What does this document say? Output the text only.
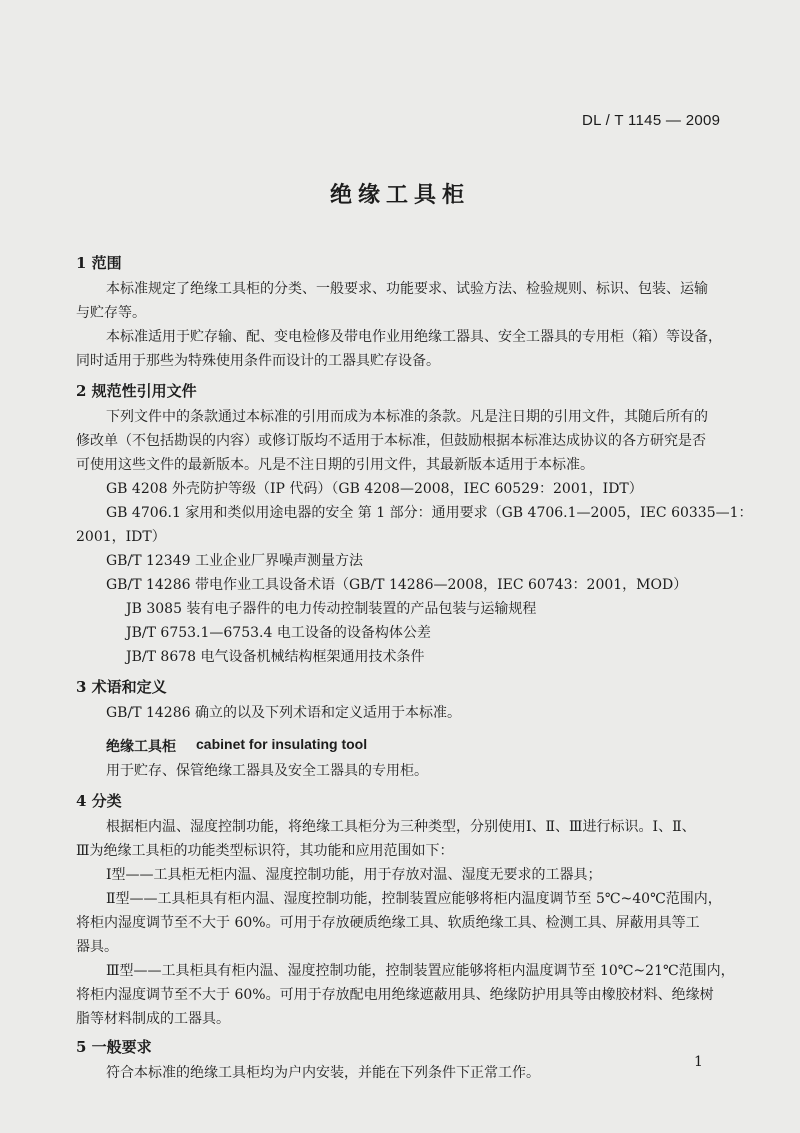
DL / T 1145 — 2009
绝缘工具柜
1 范围
本标准规定了绝缘工具柜的分类、一般要求、功能要求、试验方法、检验规则、标识、包装、运输
与贮存等。
本标准适用于贮存输、配、变电检修及带电作业用绝缘工器具、安全工器具的专用柜（箱）等设备，
同时适用于那些为特殊使用条件而设计的工器具贮存设备。
2 规范性引用文件
下列文件中的条款通过本标准的引用而成为本标准的条款。凡是注日期的引用文件，其随后所有的
修改单（不包括勘误的内容）或修订版均不适用于本标准，但鼓励根据本标准达成协议的各方研究是否
可使用这些文件的最新版本。凡是不注日期的引用文件，其最新版本适用于本标准。
GB 4208 外壳防护等级（IP 代码）（GB 4208—2008，IEC 60529：2001，IDT）
GB 4706.1 家用和类似用途电器的安全 第 1 部分：通用要求（GB 4706.1—2005，IEC 60335—1：
2001，IDT）
GB/T 12349 工业企业厂界噪声测量方法
GB/T 14286 带电作业工具设备术语（GB/T 14286—2008，IEC 60743：2001，MOD）
JB 3085 装有电子器件的电力传动控制装置的产品包装与运输规程
JB/T 6753.1—6753.4 电工设备的设备构体公差
JB/T 8678 电气设备机械结构框架通用技术条件
3 术语和定义
GB/T 14286 确立的以及下列术语和定义适用于本标准。
绝缘工具柜 cabinet for insulating tool
用于贮存、保管绝缘工器具及安全工器具的专用柜。
4 分类
根据柜内温、湿度控制功能，将绝缘工具柜分为三种类型，分别使用Ⅰ、Ⅱ、Ⅲ进行标识。Ⅰ、Ⅱ、
Ⅲ为绝缘工具柜的功能类型标识符，其功能和应用范围如下：
Ⅰ型——工具柜无柜内温、湿度控制功能，用于存放对温、湿度无要求的工器具；
Ⅱ型——工具柜具有柜内温、湿度控制功能，控制装置应能够将柜内温度调节至 5℃~40℃范围内，
将柜内湿度调节至不大于 60%。可用于存放硬质绝缘工具、软质绝缘工具、检测工具、屏蔽用具等工
器具。
Ⅲ型——工具柜具有柜内温、湿度控制功能，控制装置应能够将柜内温度调节至 10℃~21℃范围内，
将柜内湿度调节至不大于 60%。可用于存放配电用绝缘遮蔽用具、绝缘防护用具等由橡胶材料、绝缘树
脂等材料制成的工器具。
5 一般要求
符合本标准的绝缘工具柜均为户内安装，并能在下列条件下正常工作。
1
